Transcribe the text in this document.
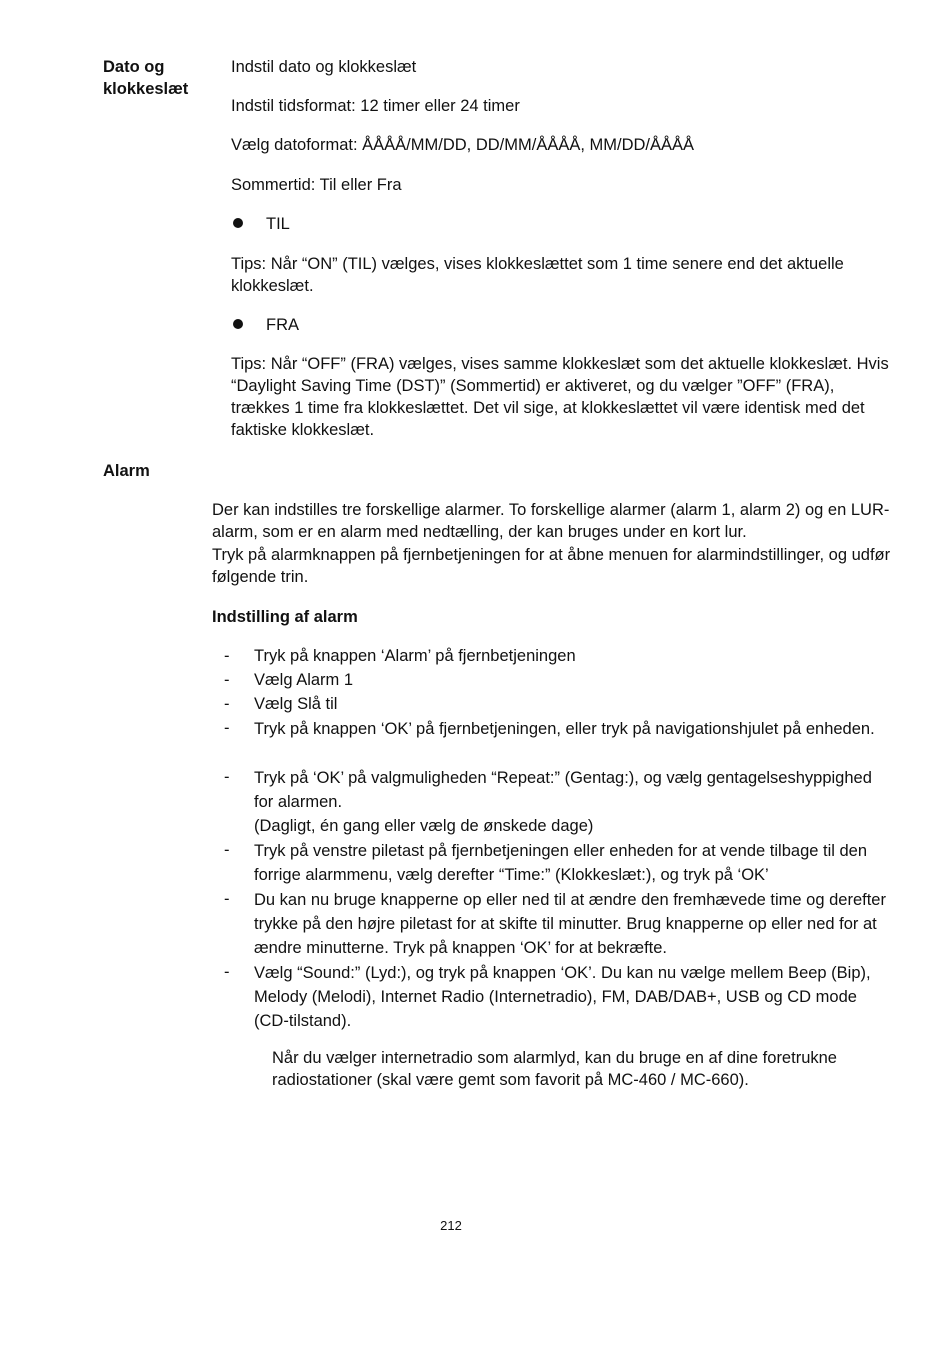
Dato og klokkeslæt
Indstil dato og klokkeslæt
Indstil tidsformat: 12 timer eller 24 timer
Vælg datoformat: ÅÅÅÅ/MM/DD, DD/MM/ÅÅÅÅ, MM/DD/ÅÅÅÅ
Sommertid: Til eller Fra
TIL
Tips: Når “ON” (TIL) vælges, vises klokkeslættet som 1 time senere end det aktuelle klokkeslæt.
FRA
Tips: Når “OFF” (FRA) vælges, vises samme klokkeslæt som det aktuelle klokkeslæt. Hvis “Daylight Saving Time (DST)” (Sommertid) er aktiveret, og du vælger ”OFF” (FRA), trækkes 1 time fra klokkeslættet. Det vil sige, at klokkeslættet vil være identisk med det faktiske klokkeslæt.
Alarm
Der kan indstilles tre forskellige alarmer. To forskellige alarmer (alarm 1, alarm 2) og en LUR-alarm, som er en alarm med nedtælling, der kan bruges under en kort lur.
Tryk på alarmknappen på fjernbetjeningen for at åbne menuen for alarmindstillinger, og udfør følgende trin.
Indstilling af alarm
- Tryk på knappen ‘Alarm’ på fjernbetjeningen
- Vælg Alarm 1
- Vælg Slå til
- Tryk på knappen ‘OK’ på fjernbetjeningen, eller tryk på navigationshjulet på enheden.
- Tryk på ‘OK’ på valgmuligheden “Repeat:” (Gentag:), og vælg gentagelseshyppighed for alarmen.
(Dagligt, én gang eller vælg de ønskede dage)
- Tryk på venstre piletast på fjernbetjeningen eller enheden for at vende tilbage til den forrige alarmmenu, vælg derefter “Time:” (Klokkeslæt:), og tryk på ‘OK’
- Du kan nu bruge knapperne op eller ned til at ændre den fremhævede time og derefter trykke på den højre piletast for at skifte til minutter. Brug knapperne op eller ned for at ændre minutterne. Tryk på knappen ‘OK’ for at bekræfte.
- Vælg “Sound:” (Lyd:), og tryk på knappen ‘OK’. Du kan nu vælge mellem Beep (Bip), Melody (Melodi), Internet Radio (Internetradio), FM, DAB/DAB+, USB og CD mode (CD-tilstand).
Når du vælger internetradio som alarmlyd, kan du bruge en af dine foretrukne radiostationer (skal være gemt som favorit på MC-460 / MC-660).
212
